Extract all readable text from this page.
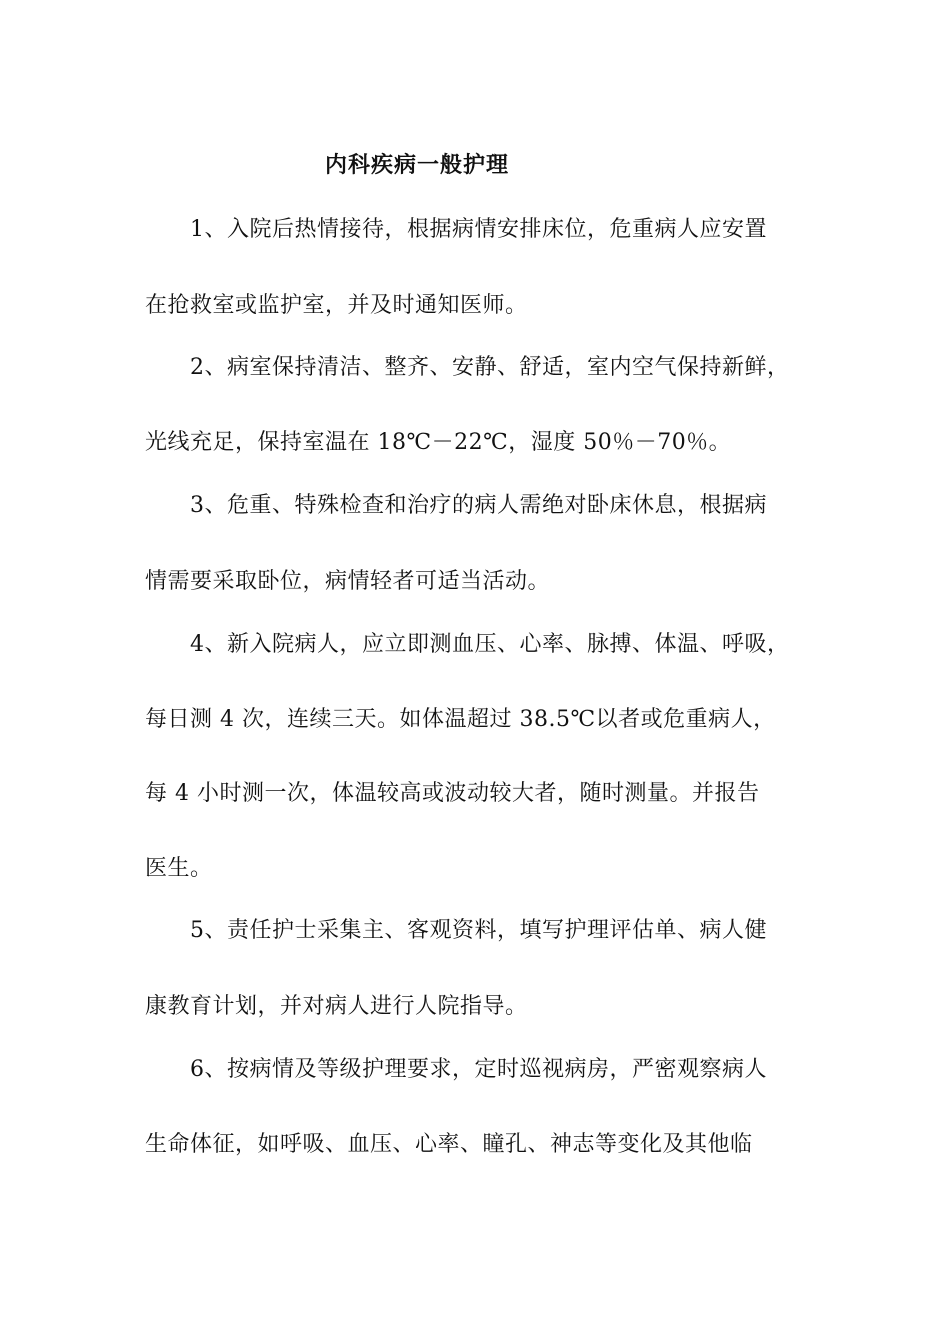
内科疾病一般护理
1、入院后热情接待，根据病情安排床位，危重病人应安置
在抢救室或监护室，并及时通知医师。
2、病室保持清洁、整齐、安静、舒适，室内空气保持新鲜，
光线充足，保持室温在 18℃－22℃，湿度 50％－70％。
3、危重、特殊检查和治疗的病人需绝对卧床休息，根据病
情需要采取卧位，病情轻者可适当活动。
4、新入院病人，应立即测血压、心率、脉搏、体温、呼吸，
每日测 4 次，连续三天。如体温超过 38.5℃以者或危重病人，
每 4 小时测一次，体温较高或波动较大者，随时测量。并报告
医生。
5、责任护士采集主、客观资料，填写护理评估单、病人健
康教育计划，并对病人进行人院指导。
6、按病情及等级护理要求，定时巡视病房，严密观察病人
生命体征，如呼吸、血压、心率、瞳孔、神志等变化及其他临
